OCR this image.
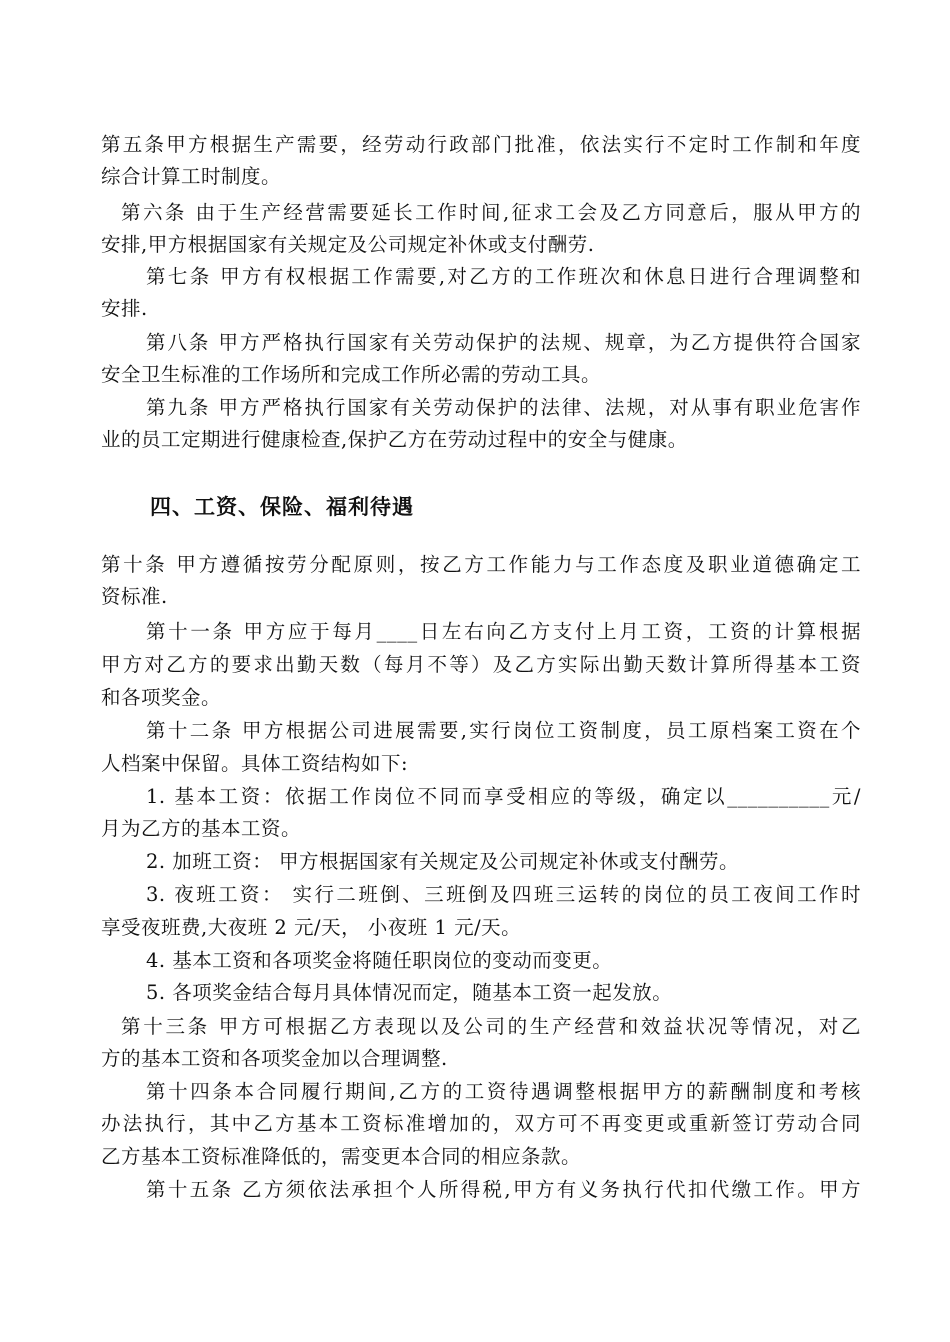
第五条甲方根据生产需要，经劳动行政部门批准，依法实行不定时工作制和年度
综合计算工时制度。
第六条 由于生产经营需要延长工作时间,征求工会及乙方同意后，服从甲方的
安排,甲方根据国家有关规定及公司规定补休或支付酬劳.
第七条 甲方有权根据工作需要,对乙方的工作班次和休息日进行合理调整和
安排.
第八条 甲方严格执行国家有关劳动保护的法规、规章，为乙方提供符合国家
安全卫生标准的工作场所和完成工作所必需的劳动工具。
第九条 甲方严格执行国家有关劳动保护的法律、法规，对从事有职业危害作
业的员工定期进行健康检查,保护乙方在劳动过程中的安全与健康。
四、工资、保险、福利待遇
第十条 甲方遵循按劳分配原则，按乙方工作能力与工作态度及职业道德确定工
资标准.
第十一条 甲方应于每月____日左右向乙方支付上月工资，工资的计算根据
甲方对乙方的要求出勤天数（每月不等）及乙方实际出勤天数计算所得基本工资
和各项奖金。
第十二条 甲方根据公司进展需要,实行岗位工资制度，员工原档案工资在个
人档案中保留。具体工资结构如下:
1. 基本工资：依据工作岗位不同而享受相应的等级，确定以__________元/
月为乙方的基本工资。
2. 加班工资： 甲方根据国家有关规定及公司规定补休或支付酬劳。
3. 夜班工资： 实行二班倒、三班倒及四班三运转的岗位的员工夜间工作时
享受夜班费,大夜班 2 元/天， 小夜班 1 元/天。
4. 基本工资和各项奖金将随任职岗位的变动而变更。
5. 各项奖金结合每月具体情况而定，随基本工资一起发放。
第十三条 甲方可根据乙方表现以及公司的生产经营和效益状况等情况，对乙
方的基本工资和各项奖金加以合理调整.
第十四条本合同履行期间,乙方的工资待遇调整根据甲方的薪酬制度和考核
办法执行，其中乙方基本工资标准增加的，双方可不再变更或重新签订劳动合同
乙方基本工资标准降低的，需变更本合同的相应条款。
第十五条 乙方须依法承担个人所得税,甲方有义务执行代扣代缴工作。甲方
